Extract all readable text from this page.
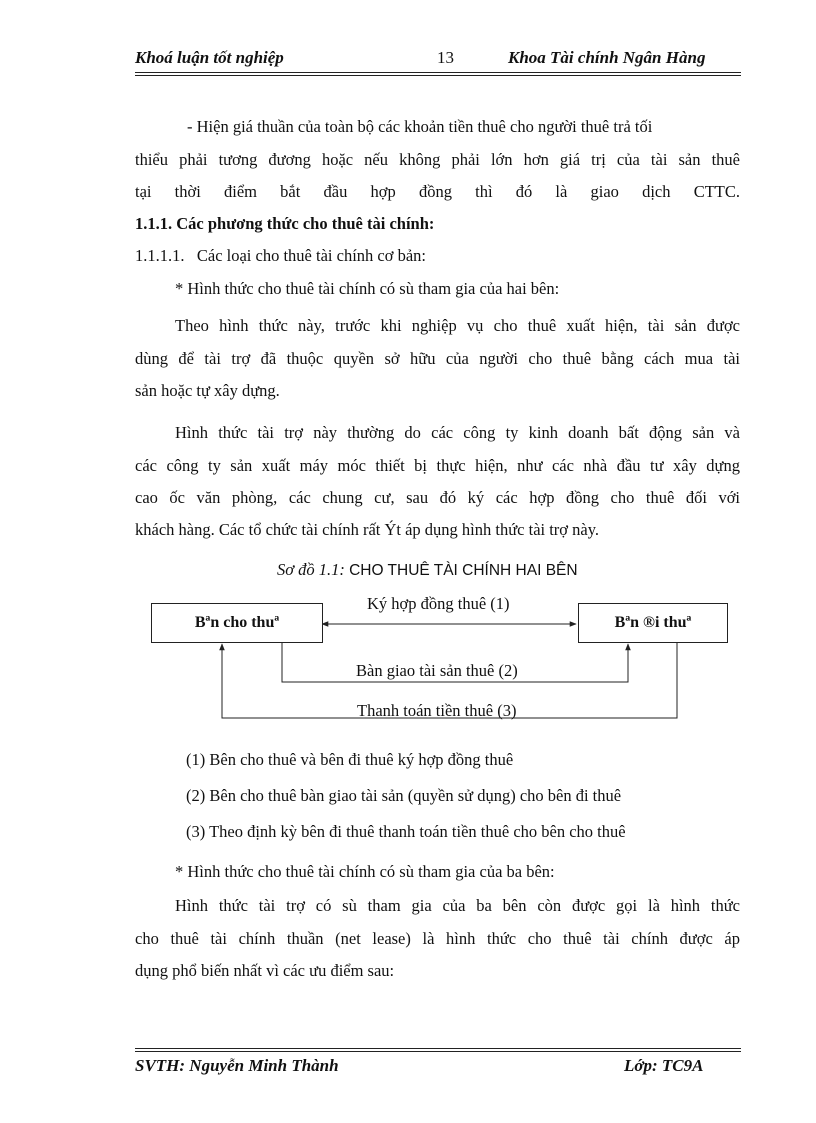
Khoá luận tốt nghiệp	13	Khoa Tài chính Ngân Hàng
- Hiện giá thuần của toàn bộ các khoản tiền thuê cho người thuê trả tối
thiểu phải tương đương hoặc nếu không phải lớn hơn giá trị của tài sản thuê
tại thời điểm bắt đầu hợp đồng thì đó là giao dịch CTTC.
1.1.1. Các phương thức cho thuê tài chính:
1.1.1.1.   Các loại cho thuê tài chính cơ bản:
* Hình thức cho thuê tài chính có sù tham gia của hai bên:
Theo hình thức này, trước khi nghiệp vụ cho thuê xuất hiện, tài sản được
dùng để tài trợ đã thuộc quyền sở hữu của người cho thuê bằng cách mua tài
sản hoặc tự xây dựng.
Hình thức tài trợ này thường do các công ty kinh doanh bất động sản và
các công ty sản xuất máy móc thiết bị thực hiện, như các nhà đầu tư xây dựng
cao ốc văn phòng, các chung cư, sau đó ký các hợp đồng cho thuê đối với
khách hàng. Các tổ chức tài chính rất Ýt áp dụng hình thức tài trợ này.
Sơ đồ 1.1: CHO THUÊ TÀI CHÍNH HAI BÊN
Bªn cho thuª	Bªn ®i thuª
Ký hợp đồng thuê (1)
Bàn giao tài sản thuê (2)
Thanh toán tiền thuê (3)
(1) Bên cho thuê và bên đi thuê ký hợp đồng thuê
(2) Bên cho thuê bàn giao tài sản (quyền sử dụng) cho bên đi thuê
(3) Theo định kỳ bên đi thuê thanh toán tiền thuê cho bên cho thuê
* Hình thức cho thuê tài chính có sù tham gia của ba bên:
Hình thức tài trợ có sù tham gia của ba bên còn được gọi là hình thức
cho thuê tài chính thuần (net lease) là hình thức cho thuê tài chính được áp
dụng phổ biến nhất vì các ưu điểm sau:
SVTH: Nguyễn Minh Thành	Lớp: TC9A
